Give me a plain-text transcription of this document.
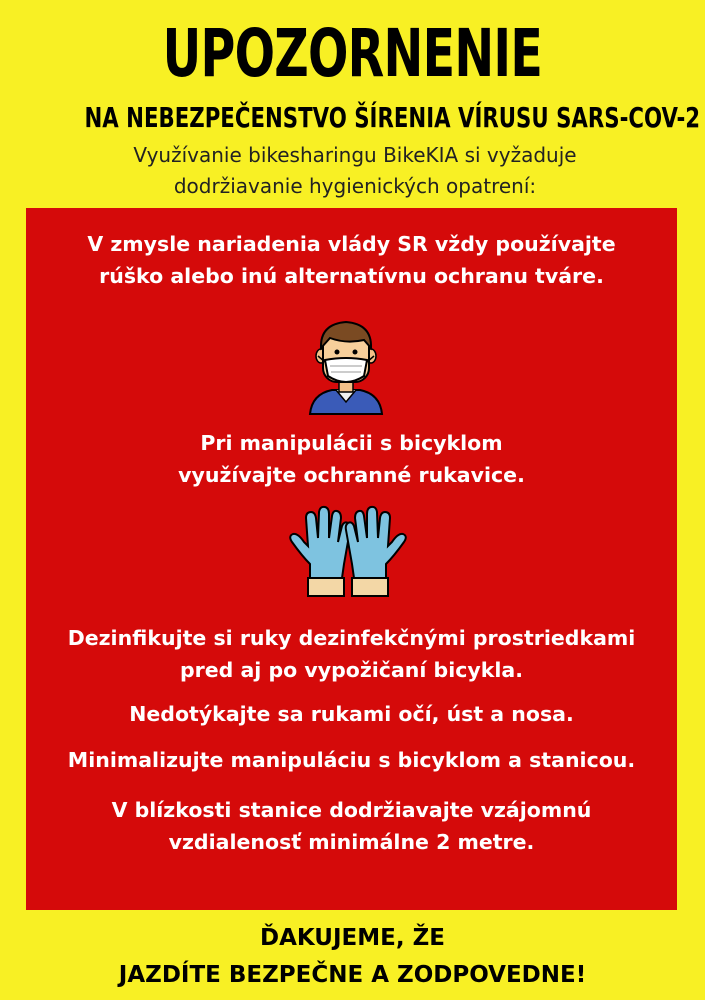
UPOZORNENIE
NA NEBEZPEČENSTVO ŠÍRENIA VÍRUSU SARS-COV-2
Využívanie bikesharingu BikeKIA si vyžaduje
dodržiavanie hygienických opatrení:
V zmysle nariadenia vlády SR vždy používajte
rúško alebo inú alternatívnu ochranu tváre.
Pri manipulácii s bicyklom
využívajte ochranné rukavice.
Dezinfikujte si ruky dezinfekčnými prostriedkami
pred aj po vypožičaní bicykla.
Nedotýkajte sa rukami očí, úst a nosa.
Minimalizujte manipuláciu s bicyklom a stanicou.
V blízkosti stanice dodržiavajte vzájomnú
vzdialenosť minimálne 2 metre.
ĎAKUJEME, ŽE
JAZDÍTE BEZPEČNE A ZODPOVEDNE!
